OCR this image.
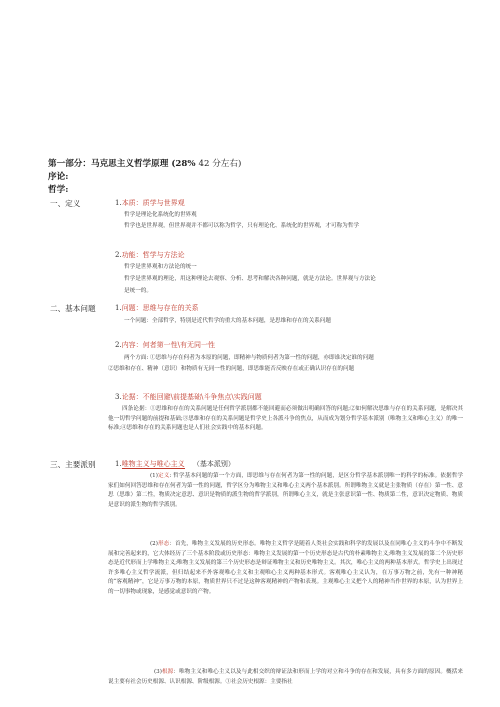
第一部分：马克思主义哲学原理 (28% 42 分左右)
序论:
哲学:
一、定义	1.本质：质学与世界观
哲学是理论化系统化的世界观
哲学也是世界观，但世界观并不都可以称为哲学，只有理论化、系统化的世界观，才可称为哲学
2.功能：哲学与方法论
哲学是世界观和方法论的统一
哲学是世界观的理论，用这种理论去观察、分析、思考和解决各种问题，就是方法论。世界观与方法论
是统一的。
二、基本问题	1.问题：思维与存在的关系
一个问题：全部哲学，特别是近代哲学的重大的基本问题，是思维和存在的关系问题
2.内容：何者第一性\有无同一性
两个方面: ①思维与存在何者为本原的问题，即精神与物质何者为第一性的问题，亦即谁决定谁的问题
②思维和存在、精神（意识）和物质有无同一性的问题，即思维能否反映存在或正确认识存在的问题
3.论据：不能回避\前提基础\斗争焦点\实践问题
四条论据：①思维和存在的关系问题是任何哲学派别都不能回避而必须做出明确回答的问题;②如何解决思维与存在的关系问题，是解决其他一切哲学问题的前提和基础;③思维和存在的关系问题是哲学史上各派斗争的焦点，从而成为划分哲学基本派别（唯物主义和唯心主义）的唯一标准;④思维和存在的关系问题也是人们社会实践中的基本问题。
三、主要派别	1.唯物主义与唯心主义 （基本派别）
(1)定义: 哲学基本问题的第一个方面，即思维与存在何者为第一性的问题，是区分哲学基本派别唯一的科学的标准。依据哲学家们如何回答思维和存在何者为第一性的问题，哲学区分为唯物主义和唯心主义两个基本派别。所谓唯物主义就是主张物质（存在）第一性、意思（思维）第二性，物质决定意思、意识是物质的派生物的哲学派别，所谓唯心主义，就是主张意识第一性、物质第二性，意识决定物质、物质是意识的派生物的哲学派别。
(2)形态：首先，唯物主义发展的历史形态。唯物主义哲学是随着人类社会实践和科学的发展以及在同唯心主义的斗争中不断发展和完善起来的，它大体经历了三个基本阶段或历史形态：唯物主义发展的第一个历史形态是古代的朴素唯物主义;唯物主义发展的第二个历史形态是近代形而上学唯物主义;唯物主义发展的第三个历史形态是辩证唯物主义和历史唯物主义。其次，唯心主义的两种基本形式。哲学史上出现过许多唯心主义哲学流派，但归结起来不外客观唯心主义和主观唯心主义两种基本形式。客观唯心主义认为，在万事万物之前，先有一种神秘的“客观精神”，它是万事万物的本原，物质世界只不过是这种客观精神的产物和表现。主观唯心主义把个人的精神当作世界的本原，认为世界上的一切事物或现象，是感觉或意识的产物。
(3)根源：唯物主义和唯心主义以及与此相交织的辩证法和形而上学的对立和斗争的存在和发展，具有多方面的原因。概括来说主要有社会历史根源、认识根源、阶级根源。①社会历史根源：主要指社
